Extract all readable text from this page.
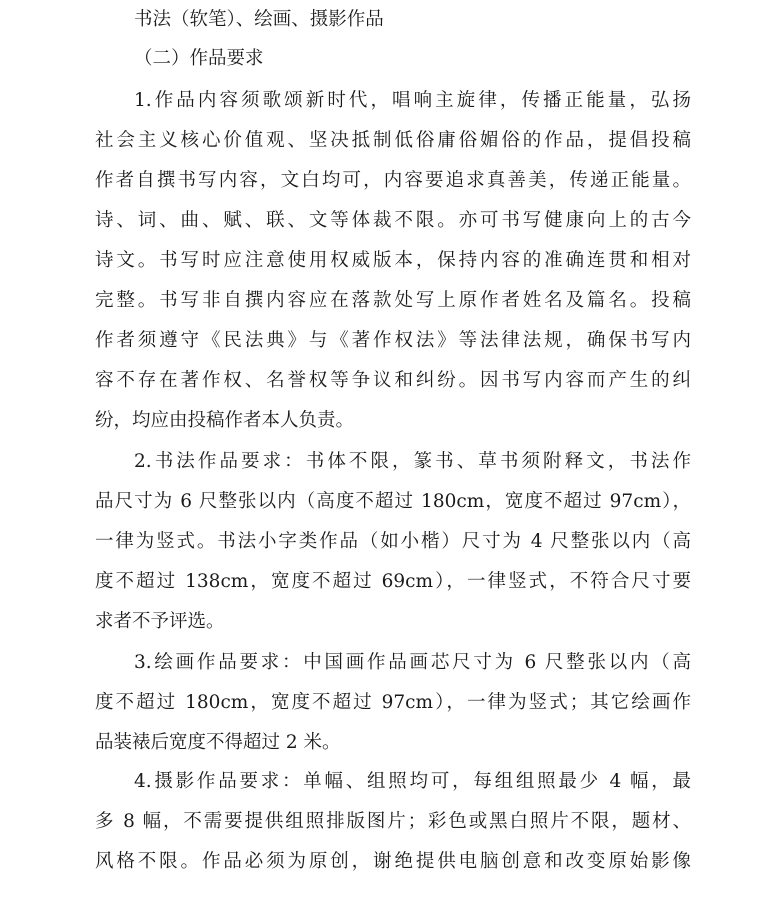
书法（软笔）、绘画、摄影作品
（二）作品要求
1.作品内容须歌颂新时代，唱响主旋律，传播正能量，弘扬
社会主义核心价值观、坚决抵制低俗庸俗媚俗的作品，提倡投稿
作者自撰书写内容，文白均可，内容要追求真善美，传递正能量。
诗、词、曲、赋、联、文等体裁不限。亦可书写健康向上的古今
诗文。书写时应注意使用权威版本，保持内容的准确连贯和相对
完整。书写非自撰内容应在落款处写上原作者姓名及篇名。投稿
作者须遵守《民法典》与《著作权法》等法律法规，确保书写内
容不存在著作权、名誉权等争议和纠纷。因书写内容而产生的纠
纷，均应由投稿作者本人负责。
2.书法作品要求：书体不限，篆书、草书须附释文，书法作
品尺寸为 6 尺整张以内（高度不超过 180cm，宽度不超过 97cm），
一律为竖式。书法小字类作品（如小楷）尺寸为 4 尺整张以内（高
度不超过 138cm，宽度不超过 69cm），一律竖式，不符合尺寸要
求者不予评选。
3.绘画作品要求：中国画作品画芯尺寸为 6 尺整张以内（高
度不超过 180cm，宽度不超过 97cm），一律为竖式；其它绘画作
品装裱后宽度不得超过 2 米。
4.摄影作品要求：单幅、组照均可，每组组照最少 4 幅，最
多 8 幅，不需要提供组照排版图片；彩色或黑白照片不限，题材、
风格不限。作品必须为原创，谢绝提供电脑创意和改变原始影像
